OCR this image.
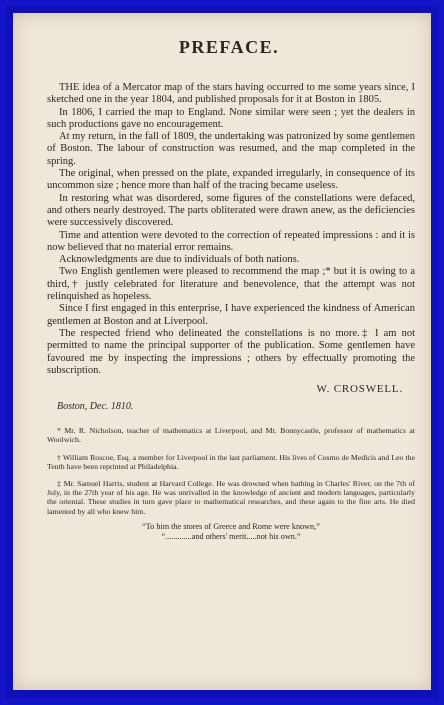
PREFACE.

THE idea of a Mercator map of the stars having occurred to me some years since, I sketched one in the year 1804, and published proposals for it at Boston in 1805.

In 1806, I carried the map to England. None similar were seen ; yet the dealers in such productions gave no encouragement.

At my return, in the fall of 1809, the undertaking was patronized by some gentlemen of Boston. The labour of construction was resumed, and the map completed in the spring.

The original, when pressed on the plate, expanded irregularly, in consequence of its uncommon size ; hence more than half of the tracing became useless.

In restoring what was disordered, some figures of the constellations were defaced, and others nearly destroyed. The parts obliterated were drawn anew, as the deficiencies were successively discovered.

Time and attention were devoted to the correction of repeated impressions : and it is now believed that no material error remains.

Acknowledgments are due to individuals of both nations.

Two English gentlemen were pleased to recommend the map ;* but it is owing to a third,† justly celebrated for literature and benevolence, that the attempt was not relinquished as hopeless.

Since I first engaged in this enterprise, I have experienced the kindness of American gentlemen at Boston and at Liverpool.

The respected friend who delineated the constellations is no more.‡ I am not permitted to name the principal supporter of the publication. Some gentlemen have favoured me by inspecting the impressions ; others by effectually promoting the subscription.

W. CROSWELL.
Boston, Dec. 1810.
* Mr. R. Nicholson, teacher of mathematics at Liverpool, and Mr. Bonnycastle, professor of mathematics at Woolwich.
† William Roscoe, Esq. a member for Liverpool in the last parliament. His lives of Cosmo de Medicis and Leo the Tenth have been reprinted at Philadelphia.
‡ Mr. Samuel Harris, student at Harvard College. He was drowned when bathing in Charles' River, on the 7th of July, in the 27th year of his age. He was unrivalled in the knowledge of ancient and modern languages, particularly the oriental. These studies in turn gave place to mathematical researches, and these again to the fine arts. He died lamented by all who knew him.
“To him the stores of Greece and Rome were known,”
“.............and others' merit.....not his own.”
